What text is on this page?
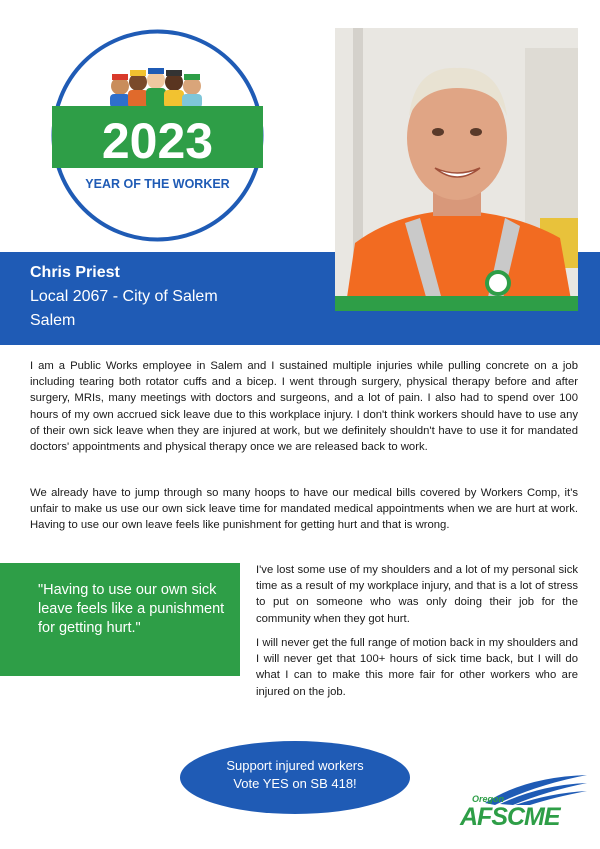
2023
YEAR OF THE WORKER
Chris Priest
Local 2067 - City of Salem
Salem

I am a Public Works employee in Salem and I sustained multiple injuries while pulling concrete on a job including tearing both rotator cuffs and a bicep. I went through surgery, physical therapy before and after surgery, MRIs, many meetings with doctors and surgeons, and a lot of pain. I also had to spend over 100 hours of my own accrued sick leave due to this workplace injury. I don't think workers should have to use any of their own sick leave when they are injured at work, but we definitely shouldn't have to use it for mandated doctors' appointments and physical therapy once we are released back to work.

We already have to jump through so many hoops to have our medical bills covered by Workers Comp, it's unfair to make us use our own sick leave time for mandated medical appointments when we are hurt at work. Having to use our own leave feels like punishment for getting hurt and that is wrong.

"Having to use our own sick leave feels like a punishment for getting hurt."

I've lost some use of my shoulders and a lot of my personal sick time as a result of my workplace injury, and that is a lot of stress to put on someone who was only doing their job for the community when they got hurt.

I will never get the full range of motion back in my shoulders and I will never get that 100+ hours of sick time back, but I will do what I can to make this more fair for other workers who are injured on the job.

Support injured workers
Vote YES on SB 418!
Oregon
AFSCME
